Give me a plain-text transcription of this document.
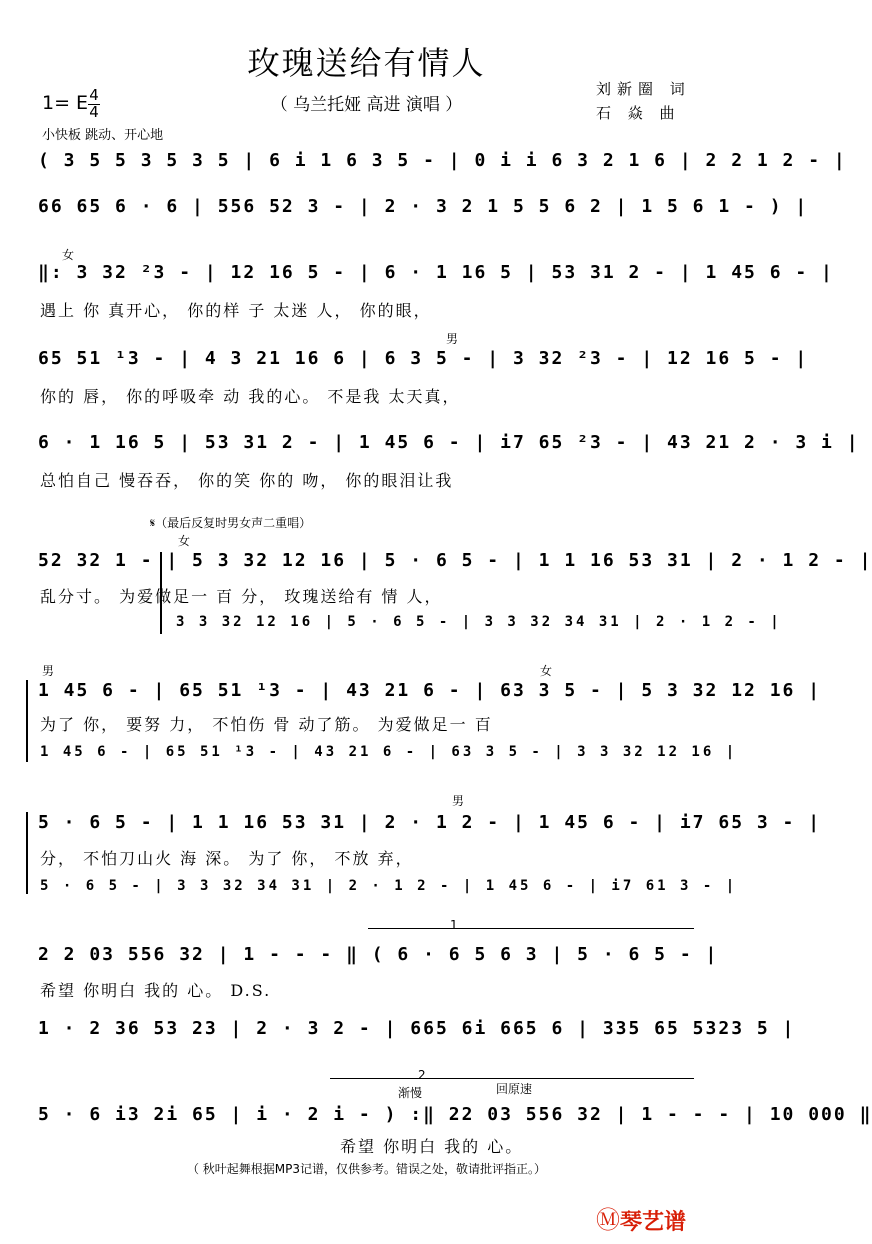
玫瑰送给有情人
（ 乌兰托娅 高进 演唱 ）
刘新圈 词
石 焱 曲
1= E 4
4
小快板 跳动、开心地
( 3 5 5 3 5 3 5 | 6 i 1 6 3 5 - | 0 i i 6 3 2 1 6 | 2 2 1 2 - |
66 65 6 · 6 | 556 52 3 - | 2 · 3 2 1 5 5 6 2 | 1 5 6 1 - ) |
女
‖: 3 32 ²3 - | 12 16 5 - | 6 · 1 16 5 | 53 31 2 - | 1 45 6 - |
遇上 你 真开心， 你的样 子 太迷 人， 你的眼，
男
65 51 ¹3 - | 4 3 21 16 6 | 6 3 5 - | 3 32 ²3 - | 12 16 5 - |
你的 唇， 你的呼吸牵 动 我的心。 不是我 太天真，
6 · 1 16 5 | 53 31 2 - | 1 45 6 - | i7 65 ²3 - | 43 21 2 · 3 i |
总怕自己 慢吞吞， 你的笑 你的 吻， 你的眼泪让我
𝄋（最后反复时男女声二重唱）
女
52 32 1 - | 5 3 32 12 16 | 5 · 6 5 - | 1 1 16 53 31 | 2 · 1 2 - |
乱分寸。 为爱做足一 百 分， 玫瑰送给有 情 人，
3 3 32 12 16 | 5 · 6 5 - | 3 3 32 34 31 | 2 · 1 2 - |
男	女
1 45 6 - | 65 51 ¹3 - | 43 21 6 - | 63 3 5 - | 5 3 32 12 16 |
为了 你， 要努 力， 不怕伤 骨 动了筋。 为爱做足一 百
1 45 6 - | 65 51 ¹3 - | 43 21 6 - | 63 3 5 - | 3 3 32 12 16 |
男
5 · 6 5 - | 1 1 16 53 31 | 2 · 1 2 - | 1 45 6 - | i7 65 3 - |
分， 不怕刀山火 海 深。 为了 你， 不放 弃，
5 · 6 5 - | 3 3 32 34 31 | 2 · 1 2 - | 1 45 6 - | i7 61 3 - |
1
2 2 03 556 32 | 1 - - - ‖ ( 6 · 6 5 6 3 | 5 · 6 5 - |
希望 你明白 我的 心。 D.S.
1 · 2 36 53 23 | 2 · 3 2 - | 665 6i 665 6 | 335 65 5323 5 |
2
渐慢	回原速
5 · 6 i3 2i 65 | i · 2 i - ) :‖ 22 03 556 32 | 1 - - - | 10 000 ‖
希望 你明白 我的 心。
（ 秋叶起舞根据MP3记谱，仅供参考。错误之处，敬请批评指正。）
Ⓜ 琴艺谱
